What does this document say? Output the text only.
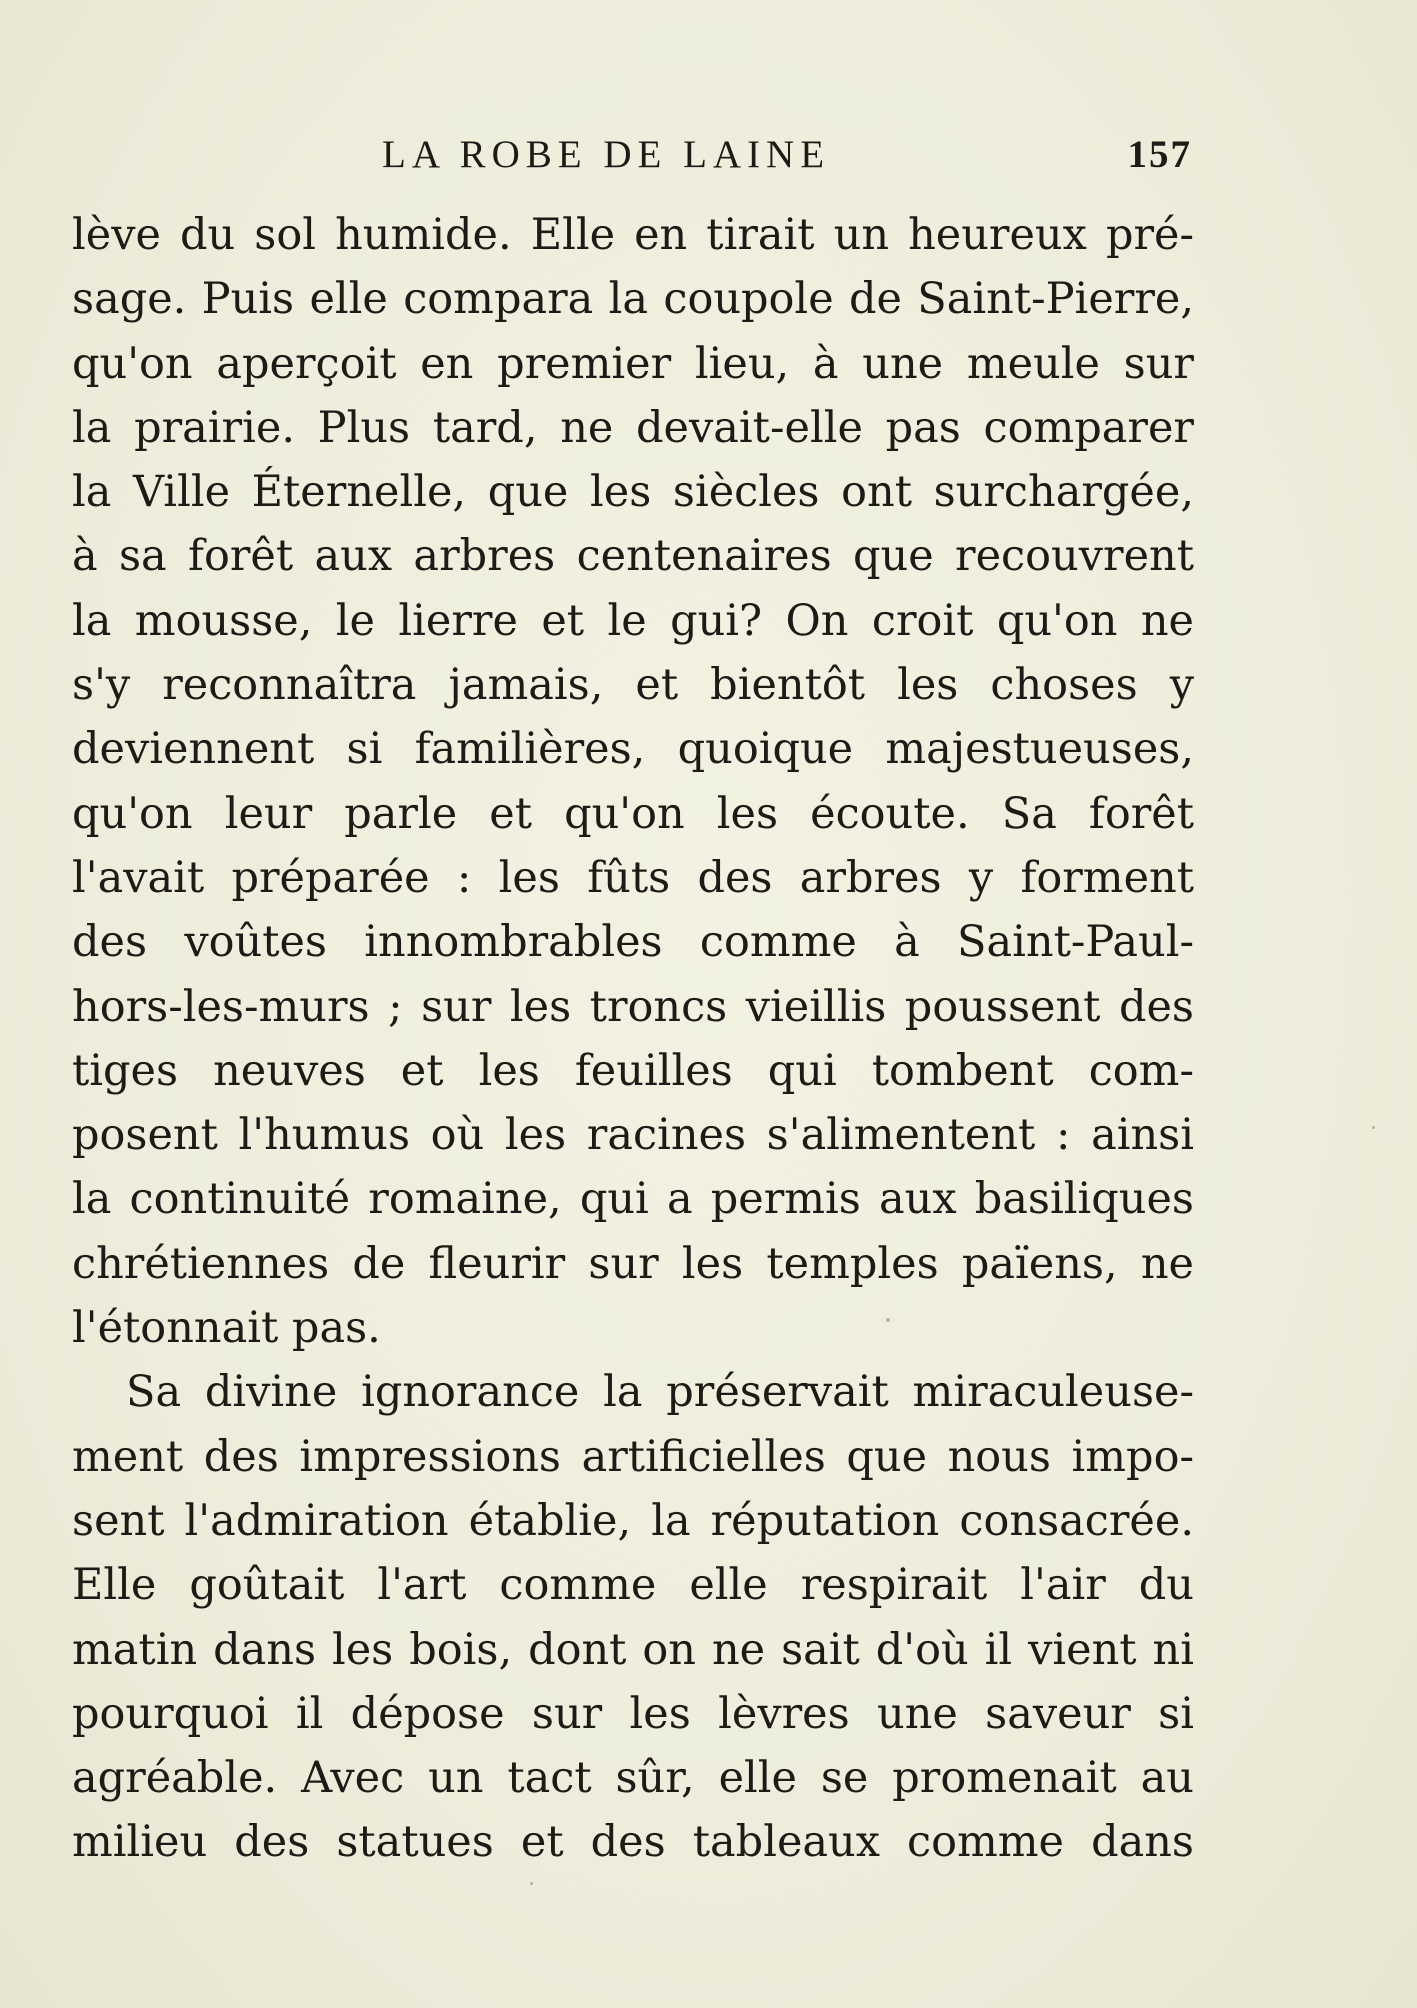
LA ROBE DE LAINE	157
lève du sol humide. Elle en tirait un heureux pré-
sage. Puis elle compara la coupole de Saint-Pierre,
qu'on aperçoit en premier lieu, à une meule sur
la prairie. Plus tard, ne devait-elle pas comparer
la Ville Éternelle, que les siècles ont surchargée,
à sa forêt aux arbres centenaires que recouvrent
la mousse, le lierre et le gui? On croit qu'on ne
s'y reconnaîtra jamais, et bientôt les choses y
deviennent si familières, quoique majestueuses,
qu'on leur parle et qu'on les écoute. Sa forêt
l'avait préparée : les fûts des arbres y forment
des voûtes innombrables comme à Saint-Paul-
hors-les-murs ; sur les troncs vieillis poussent des
tiges neuves et les feuilles qui tombent com-
posent l'humus où les racines s'alimentent : ainsi
la continuité romaine, qui a permis aux basiliques
chrétiennes de fleurir sur les temples païens, ne
l'étonnait pas.
Sa divine ignorance la préservait miraculeuse-
ment des impressions artificielles que nous impo-
sent l'admiration établie, la réputation consacrée.
Elle goûtait l'art comme elle respirait l'air du
matin dans les bois, dont on ne sait d'où il vient ni
pourquoi il dépose sur les lèvres une saveur si
agréable. Avec un tact sûr, elle se promenait au
milieu des statues et des tableaux comme dans
